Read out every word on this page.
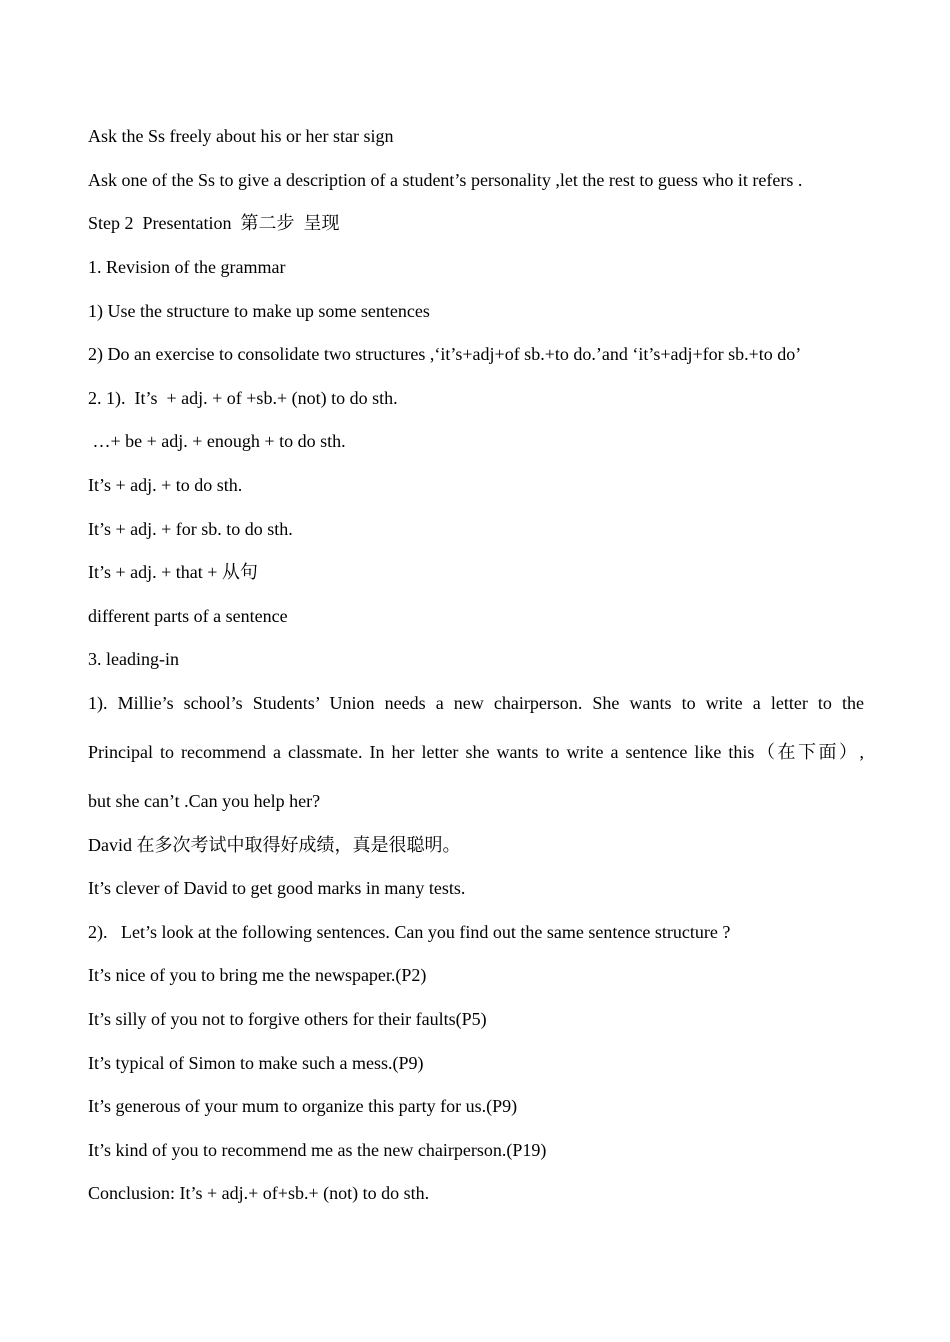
Ask the Ss freely about his or her star sign
Ask one of the Ss to give a description of a student’s personality ,let the rest to guess who it refers .
Step 2  Presentation  第二步  呈现
1. Revision of the grammar
1) Use the structure to make up some sentences
2) Do an exercise to consolidate two structures ,‘it’s+adj+of sb.+to do.’and ‘it’s+adj+for sb.+to do’
2. 1).  It’s  + adj. + of +sb.+ (not) to do sth.
…+ be + adj. + enough + to do sth.
It’s + adj. + to do sth.
It’s + adj. + for sb. to do sth.
It’s + adj. + that + 从句
different parts of a sentence
3. leading-in
1). Millie’s school’s Students’ Union needs a new chairperson. She wants to write a letter to the
Principal to recommend a classmate. In her letter she wants to write a sentence like this（在下面）,
but she can’t .Can you help her?
David 在多次考试中取得好成绩，真是很聪明。
It’s clever of David to get good marks in many tests.
2).   Let’s look at the following sentences. Can you find out the same sentence structure ?
It’s nice of you to bring me the newspaper.(P2)
It’s silly of you not to forgive others for their faults(P5)
It’s typical of Simon to make such a mess.(P9)
It’s generous of your mum to organize this party for us.(P9)
It’s kind of you to recommend me as the new chairperson.(P19)
Conclusion: It’s + adj.+ of+sb.+ (not) to do sth.
